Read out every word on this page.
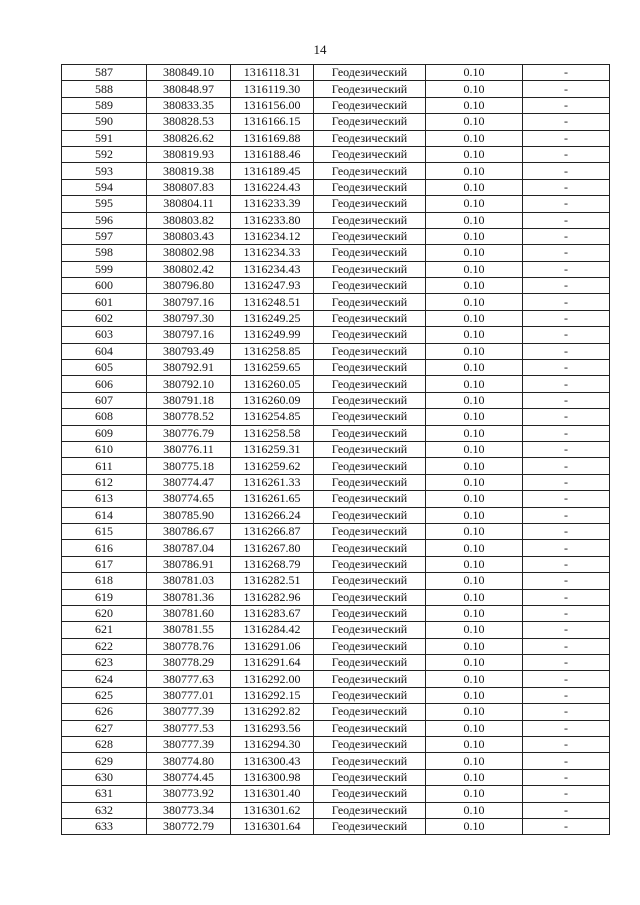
14
587	380849.10	1316118.31	Геодезический	0.10	-
588	380848.97	1316119.30	Геодезический	0.10	-
589	380833.35	1316156.00	Геодезический	0.10	-
590	380828.53	1316166.15	Геодезический	0.10	-
591	380826.62	1316169.88	Геодезический	0.10	-
592	380819.93	1316188.46	Геодезический	0.10	-
593	380819.38	1316189.45	Геодезический	0.10	-
594	380807.83	1316224.43	Геодезический	0.10	-
595	380804.11	1316233.39	Геодезический	0.10	-
596	380803.82	1316233.80	Геодезический	0.10	-
597	380803.43	1316234.12	Геодезический	0.10	-
598	380802.98	1316234.33	Геодезический	0.10	-
599	380802.42	1316234.43	Геодезический	0.10	-
600	380796.80	1316247.93	Геодезический	0.10	-
601	380797.16	1316248.51	Геодезический	0.10	-
602	380797.30	1316249.25	Геодезический	0.10	-
603	380797.16	1316249.99	Геодезический	0.10	-
604	380793.49	1316258.85	Геодезический	0.10	-
605	380792.91	1316259.65	Геодезический	0.10	-
606	380792.10	1316260.05	Геодезический	0.10	-
607	380791.18	1316260.09	Геодезический	0.10	-
608	380778.52	1316254.85	Геодезический	0.10	-
609	380776.79	1316258.58	Геодезический	0.10	-
610	380776.11	1316259.31	Геодезический	0.10	-
611	380775.18	1316259.62	Геодезический	0.10	-
612	380774.47	1316261.33	Геодезический	0.10	-
613	380774.65	1316261.65	Геодезический	0.10	-
614	380785.90	1316266.24	Геодезический	0.10	-
615	380786.67	1316266.87	Геодезический	0.10	-
616	380787.04	1316267.80	Геодезический	0.10	-
617	380786.91	1316268.79	Геодезический	0.10	-
618	380781.03	1316282.51	Геодезический	0.10	-
619	380781.36	1316282.96	Геодезический	0.10	-
620	380781.60	1316283.67	Геодезический	0.10	-
621	380781.55	1316284.42	Геодезический	0.10	-
622	380778.76	1316291.06	Геодезический	0.10	-
623	380778.29	1316291.64	Геодезический	0.10	-
624	380777.63	1316292.00	Геодезический	0.10	-
625	380777.01	1316292.15	Геодезический	0.10	-
626	380777.39	1316292.82	Геодезический	0.10	-
627	380777.53	1316293.56	Геодезический	0.10	-
628	380777.39	1316294.30	Геодезический	0.10	-
629	380774.80	1316300.43	Геодезический	0.10	-
630	380774.45	1316300.98	Геодезический	0.10	-
631	380773.92	1316301.40	Геодезический	0.10	-
632	380773.34	1316301.62	Геодезический	0.10	-
633	380772.79	1316301.64	Геодезический	0.10	-
